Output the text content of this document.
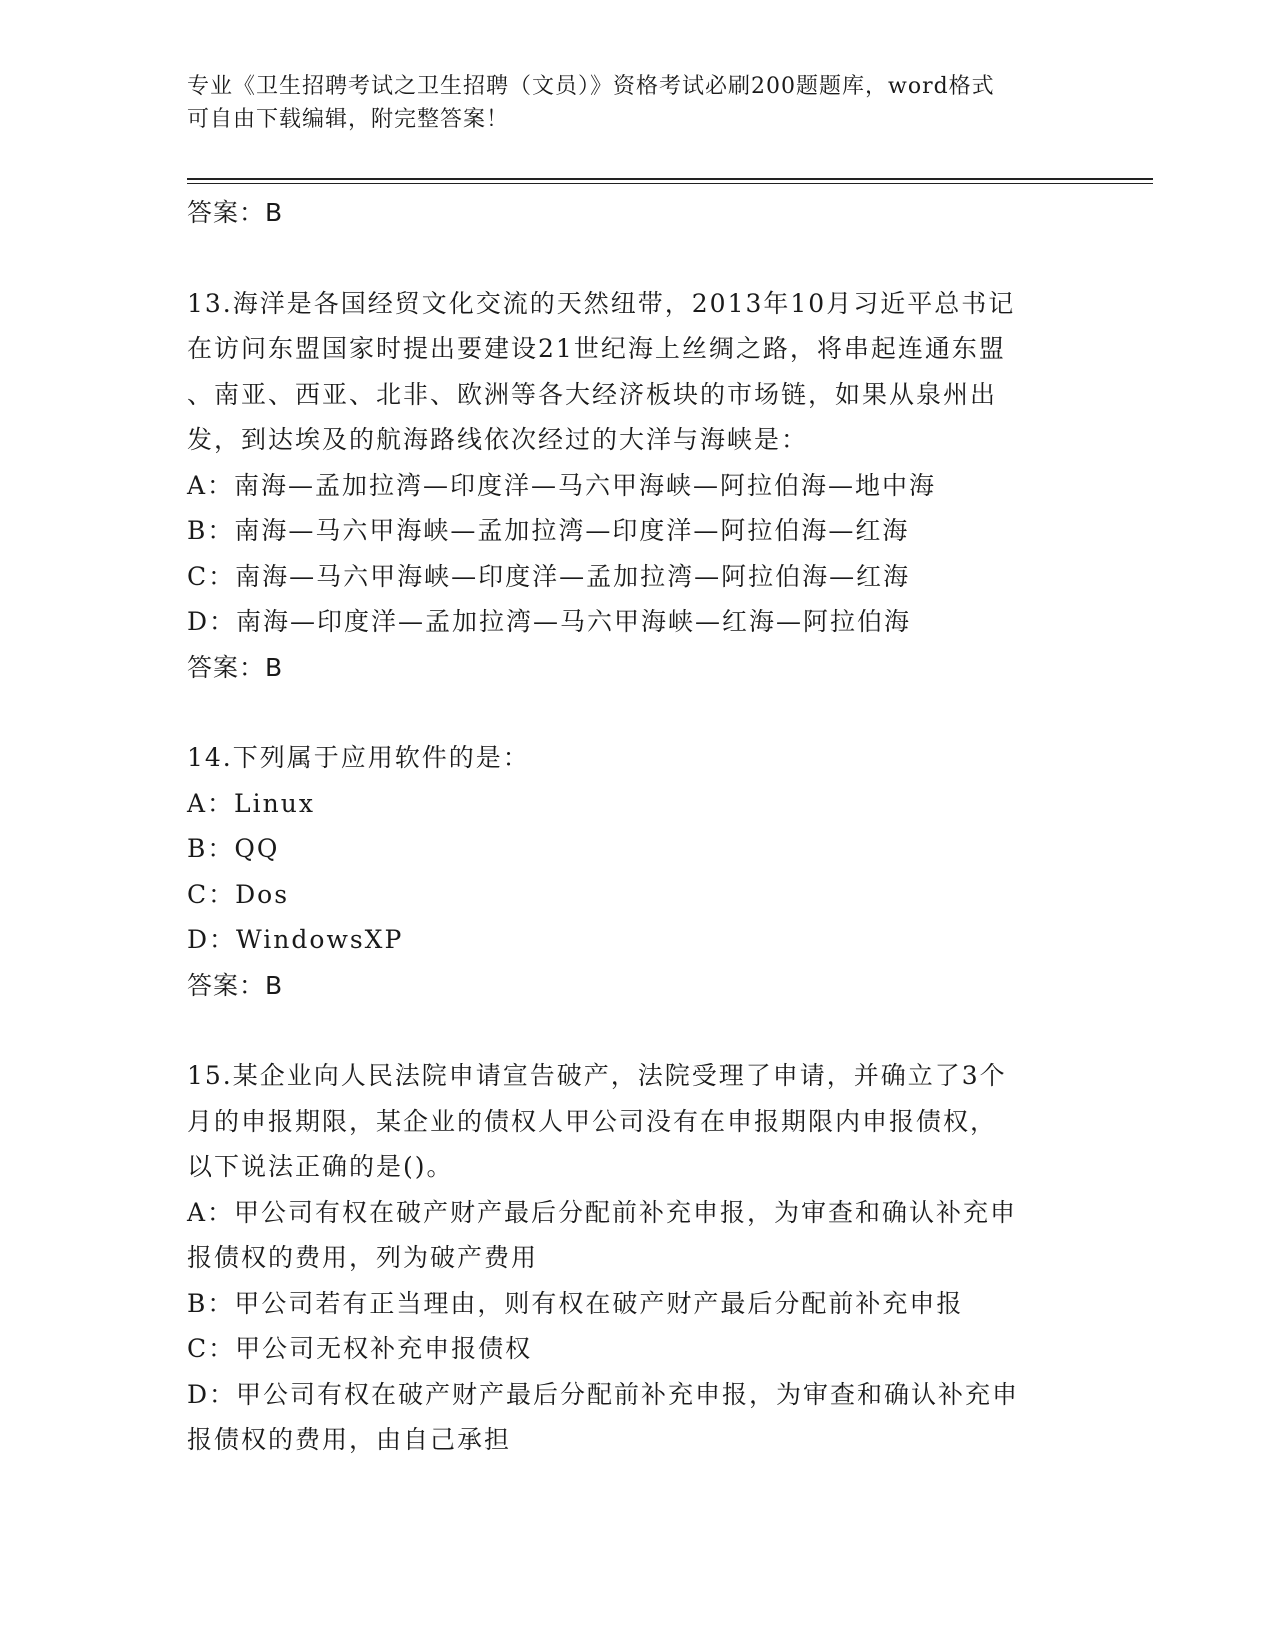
专业《卫生招聘考试之卫生招聘（文员）》资格考试必刷200题题库，word格式
可自由下载编辑，附完整答案！
答案：B
13.海洋是各国经贸文化交流的天然纽带，2013年10月习近平总书记
在访问东盟国家时提出要建设21世纪海上丝绸之路，将串起连通东盟
、南亚、西亚、北非、欧洲等各大经济板块的市场链，如果从泉州出
发，到达埃及的航海路线依次经过的大洋与海峡是：
A：南海—孟加拉湾—印度洋—马六甲海峡—阿拉伯海—地中海
B：南海—马六甲海峡—孟加拉湾—印度洋—阿拉伯海—红海
C：南海—马六甲海峡—印度洋—孟加拉湾—阿拉伯海—红海
D：南海—印度洋—孟加拉湾—马六甲海峡—红海—阿拉伯海
答案：B
14.下列属于应用软件的是：
A：Linux
B：QQ
C：Dos
D：WindowsXP
答案：B
15.某企业向人民法院申请宣告破产，法院受理了申请，并确立了3个
月的申报期限，某企业的债权人甲公司没有在申报期限内申报债权，
以下说法正确的是()。
A：甲公司有权在破产财产最后分配前补充申报，为审查和确认补充申
报债权的费用，列为破产费用
B：甲公司若有正当理由，则有权在破产财产最后分配前补充申报
C：甲公司无权补充申报债权
D：甲公司有权在破产财产最后分配前补充申报，为审查和确认补充申
报债权的费用，由自己承担
